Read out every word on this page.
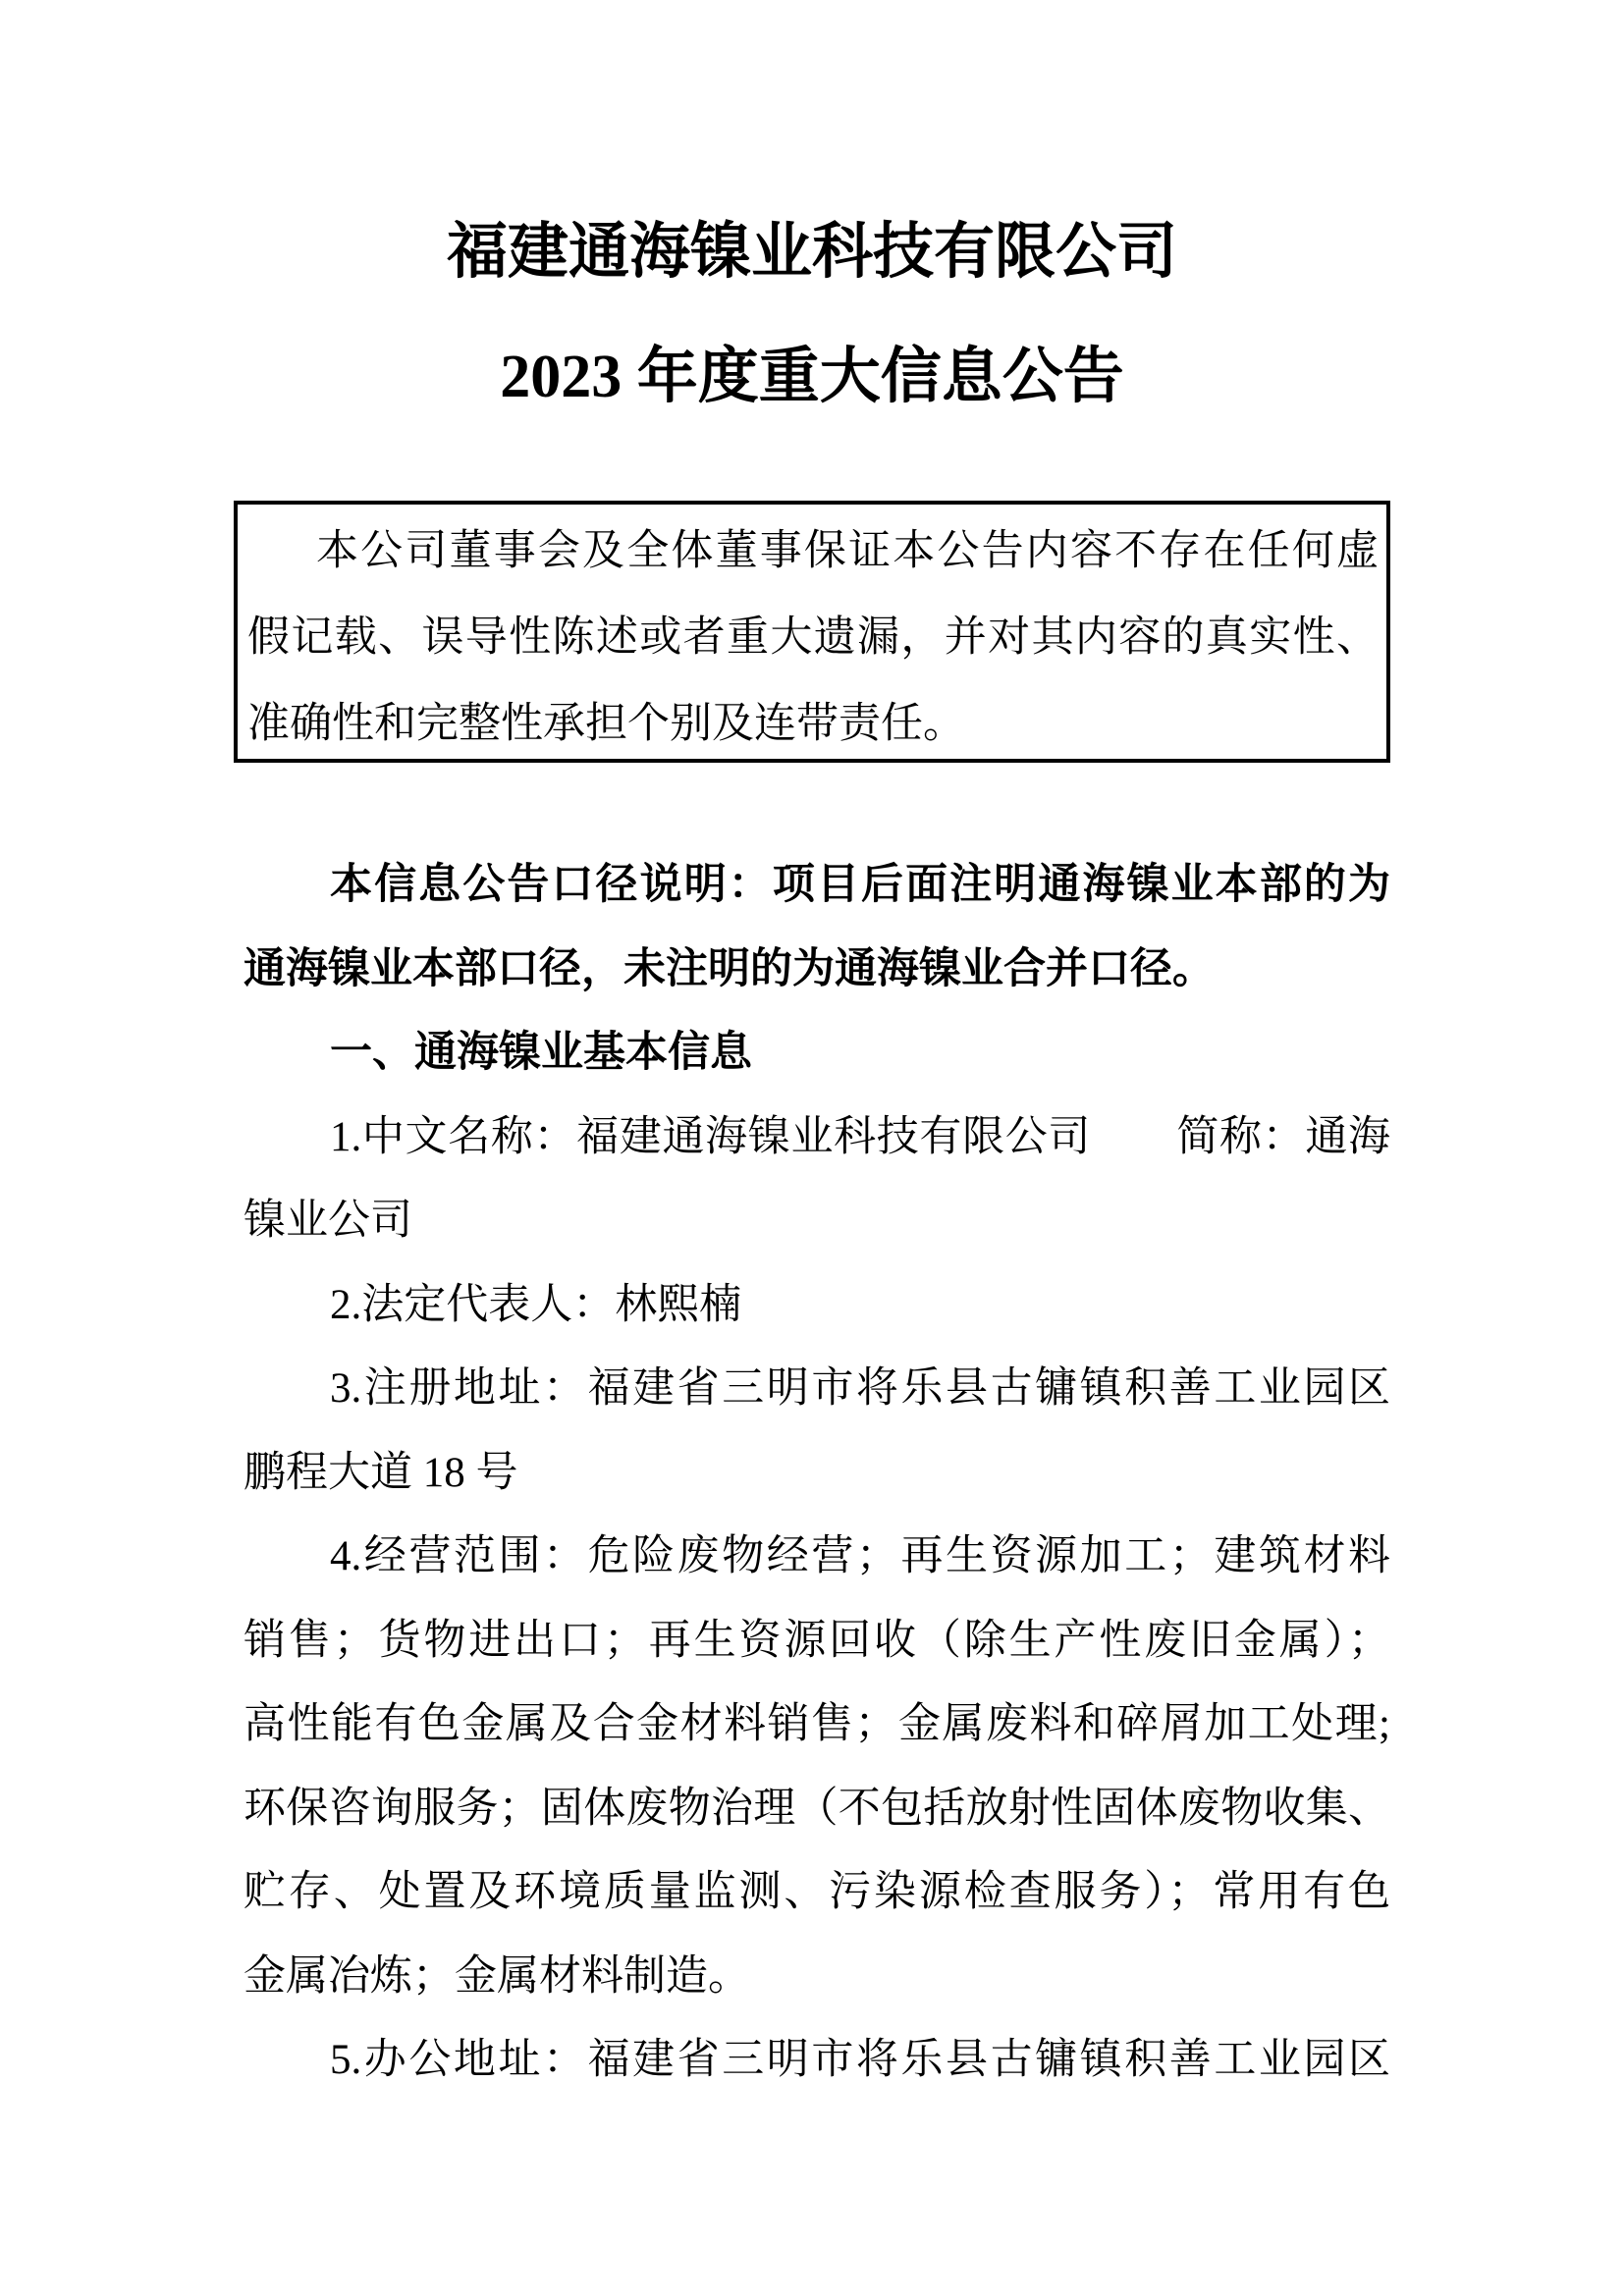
福建通海镍业科技有限公司
2023 年度重大信息公告
本公司董事会及全体董事保证本公告内容不存在任何虚
假记载、误导性陈述或者重大遗漏，并对其内容的真实性、
准确性和完整性承担个别及连带责任。
本信息公告口径说明：项目后面注明通海镍业本部的为
通海镍业本部口径，未注明的为通海镍业合并口径。
一、通海镍业基本信息
1.中文名称：福建通海镍业科技有限公司　　简称：通海
镍业公司
2.法定代表人：林熙楠
3.注册地址：福建省三明市将乐县古镛镇积善工业园区
鹏程大道 18 号
4.经营范围：危险废物经营；再生资源加工；建筑材料
销售；货物进出口；再生资源回收（除生产性废旧金属）；
高性能有色金属及合金材料销售；金属废料和碎屑加工处理;
环保咨询服务；固体废物治理（不包括放射性固体废物收集、
贮存、处置及环境质量监测、污染源检查服务）；常用有色
金属冶炼；金属材料制造。
5.办公地址：福建省三明市将乐县古镛镇积善工业园区
